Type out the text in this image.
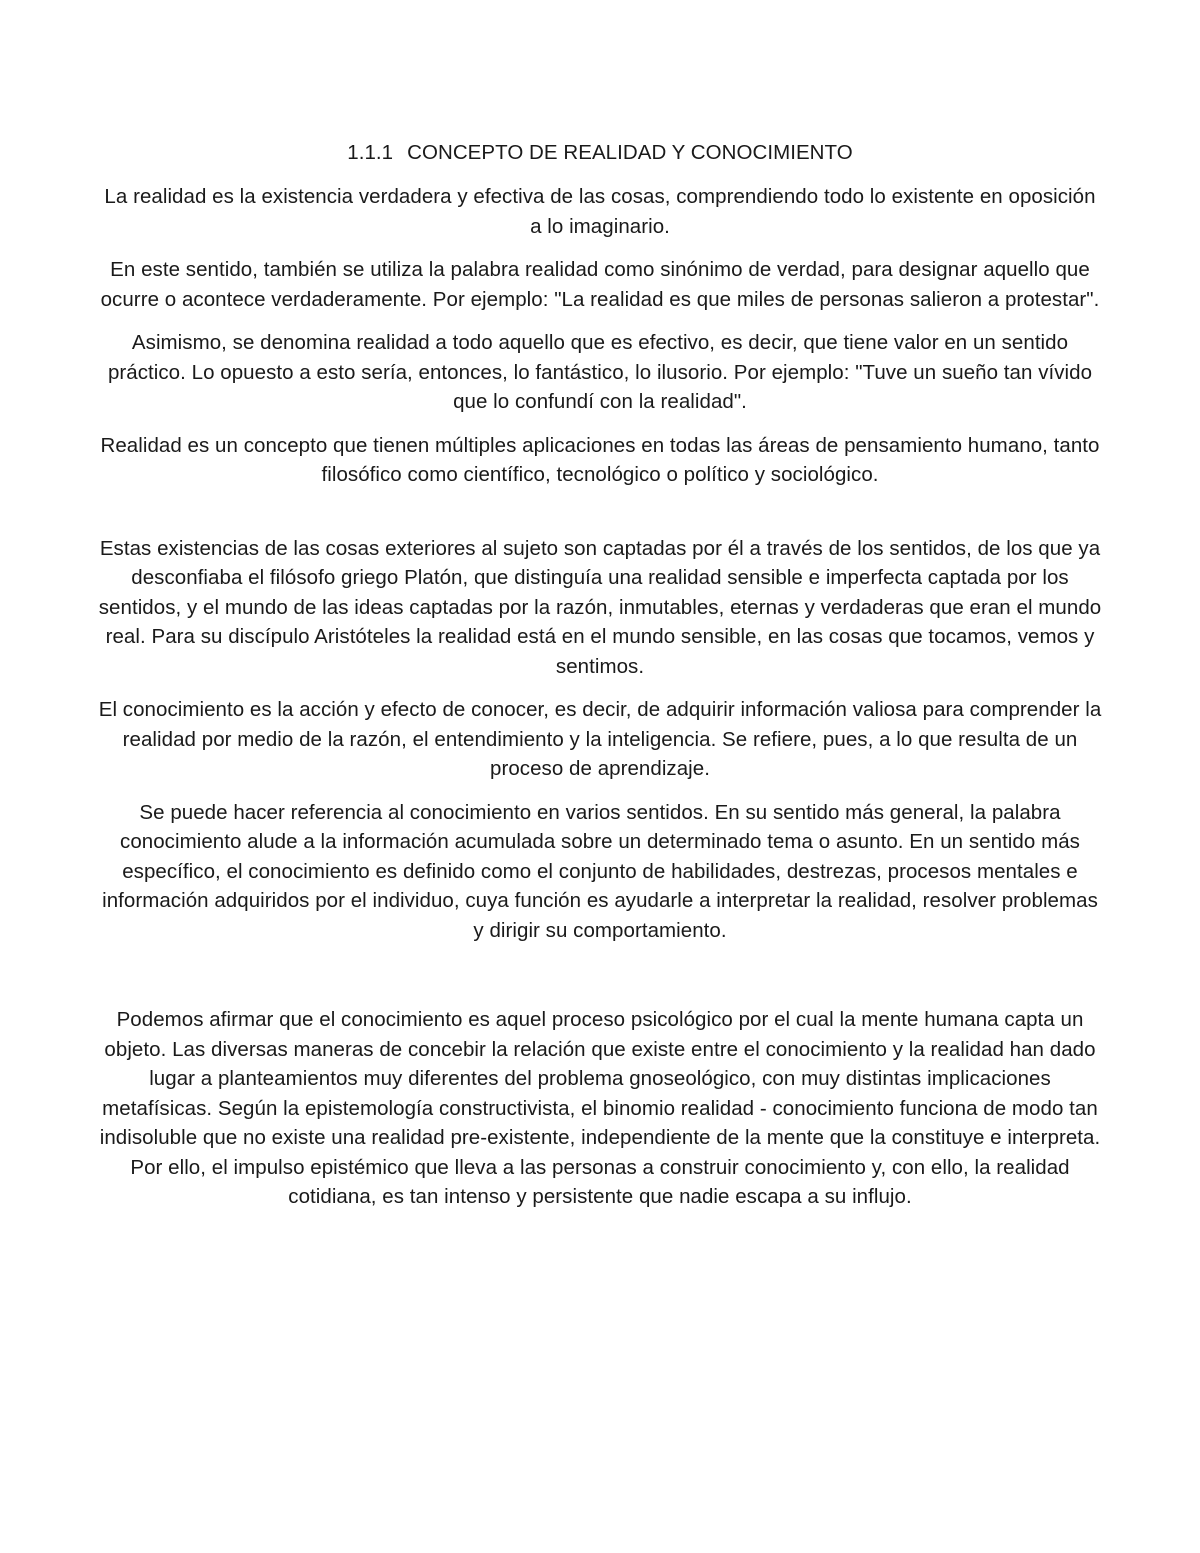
1.1.1 CONCEPTO DE REALIDAD Y CONOCIMIENTO

La realidad es la existencia verdadera y efectiva de las cosas, comprendiendo todo lo existente en oposición a lo imaginario.

En este sentido, también se utiliza la palabra realidad como sinónimo de verdad, para designar aquello que ocurre o acontece verdaderamente. Por ejemplo: "La realidad es que miles de personas salieron a protestar".

Asimismo, se denomina realidad a todo aquello que es efectivo, es decir, que tiene valor en un sentido práctico. Lo opuesto a esto sería, entonces, lo fantástico, lo ilusorio. Por ejemplo: "Tuve un sueño tan vívido que lo confundí con la realidad".

Realidad es un concepto que tienen múltiples aplicaciones en todas las áreas de pensamiento humano, tanto filosófico como científico, tecnológico o político y sociológico.

Estas existencias de las cosas exteriores al sujeto son captadas por él a través de los sentidos, de los que ya desconfiaba el filósofo griego Platón, que distinguía una realidad sensible e imperfecta captada por los sentidos, y el mundo de las ideas captadas por la razón, inmutables, eternas y verdaderas que eran el mundo real. Para su discípulo Aristóteles la realidad está en el mundo sensible, en las cosas que tocamos, vemos y sentimos.

El conocimiento es la acción y efecto de conocer, es decir, de adquirir información valiosa para comprender la realidad por medio de la razón, el entendimiento y la inteligencia. Se refiere, pues, a lo que resulta de un proceso de aprendizaje.

Se puede hacer referencia al conocimiento en varios sentidos. En su sentido más general, la palabra conocimiento alude a la información acumulada sobre un determinado tema o asunto. En un sentido más específico, el conocimiento es definido como el conjunto de habilidades, destrezas, procesos mentales e información adquiridos por el individuo, cuya función es ayudarle a interpretar la realidad, resolver problemas y dirigir su comportamiento.

Podemos afirmar que el conocimiento es aquel proceso psicológico por el cual la mente humana capta un objeto. Las diversas maneras de concebir la relación que existe entre el conocimiento y la realidad han dado lugar a planteamientos muy diferentes del problema gnoseológico, con muy distintas implicaciones metafísicas. Según la epistemología constructivista, el binomio realidad - conocimiento funciona de modo tan indisoluble que no existe una realidad pre-existente, independiente de la mente que la constituye e interpreta. Por ello, el impulso epistémico que lleva a las personas a construir conocimiento y, con ello, la realidad cotidiana, es tan intenso y persistente que nadie escapa a su influjo.
